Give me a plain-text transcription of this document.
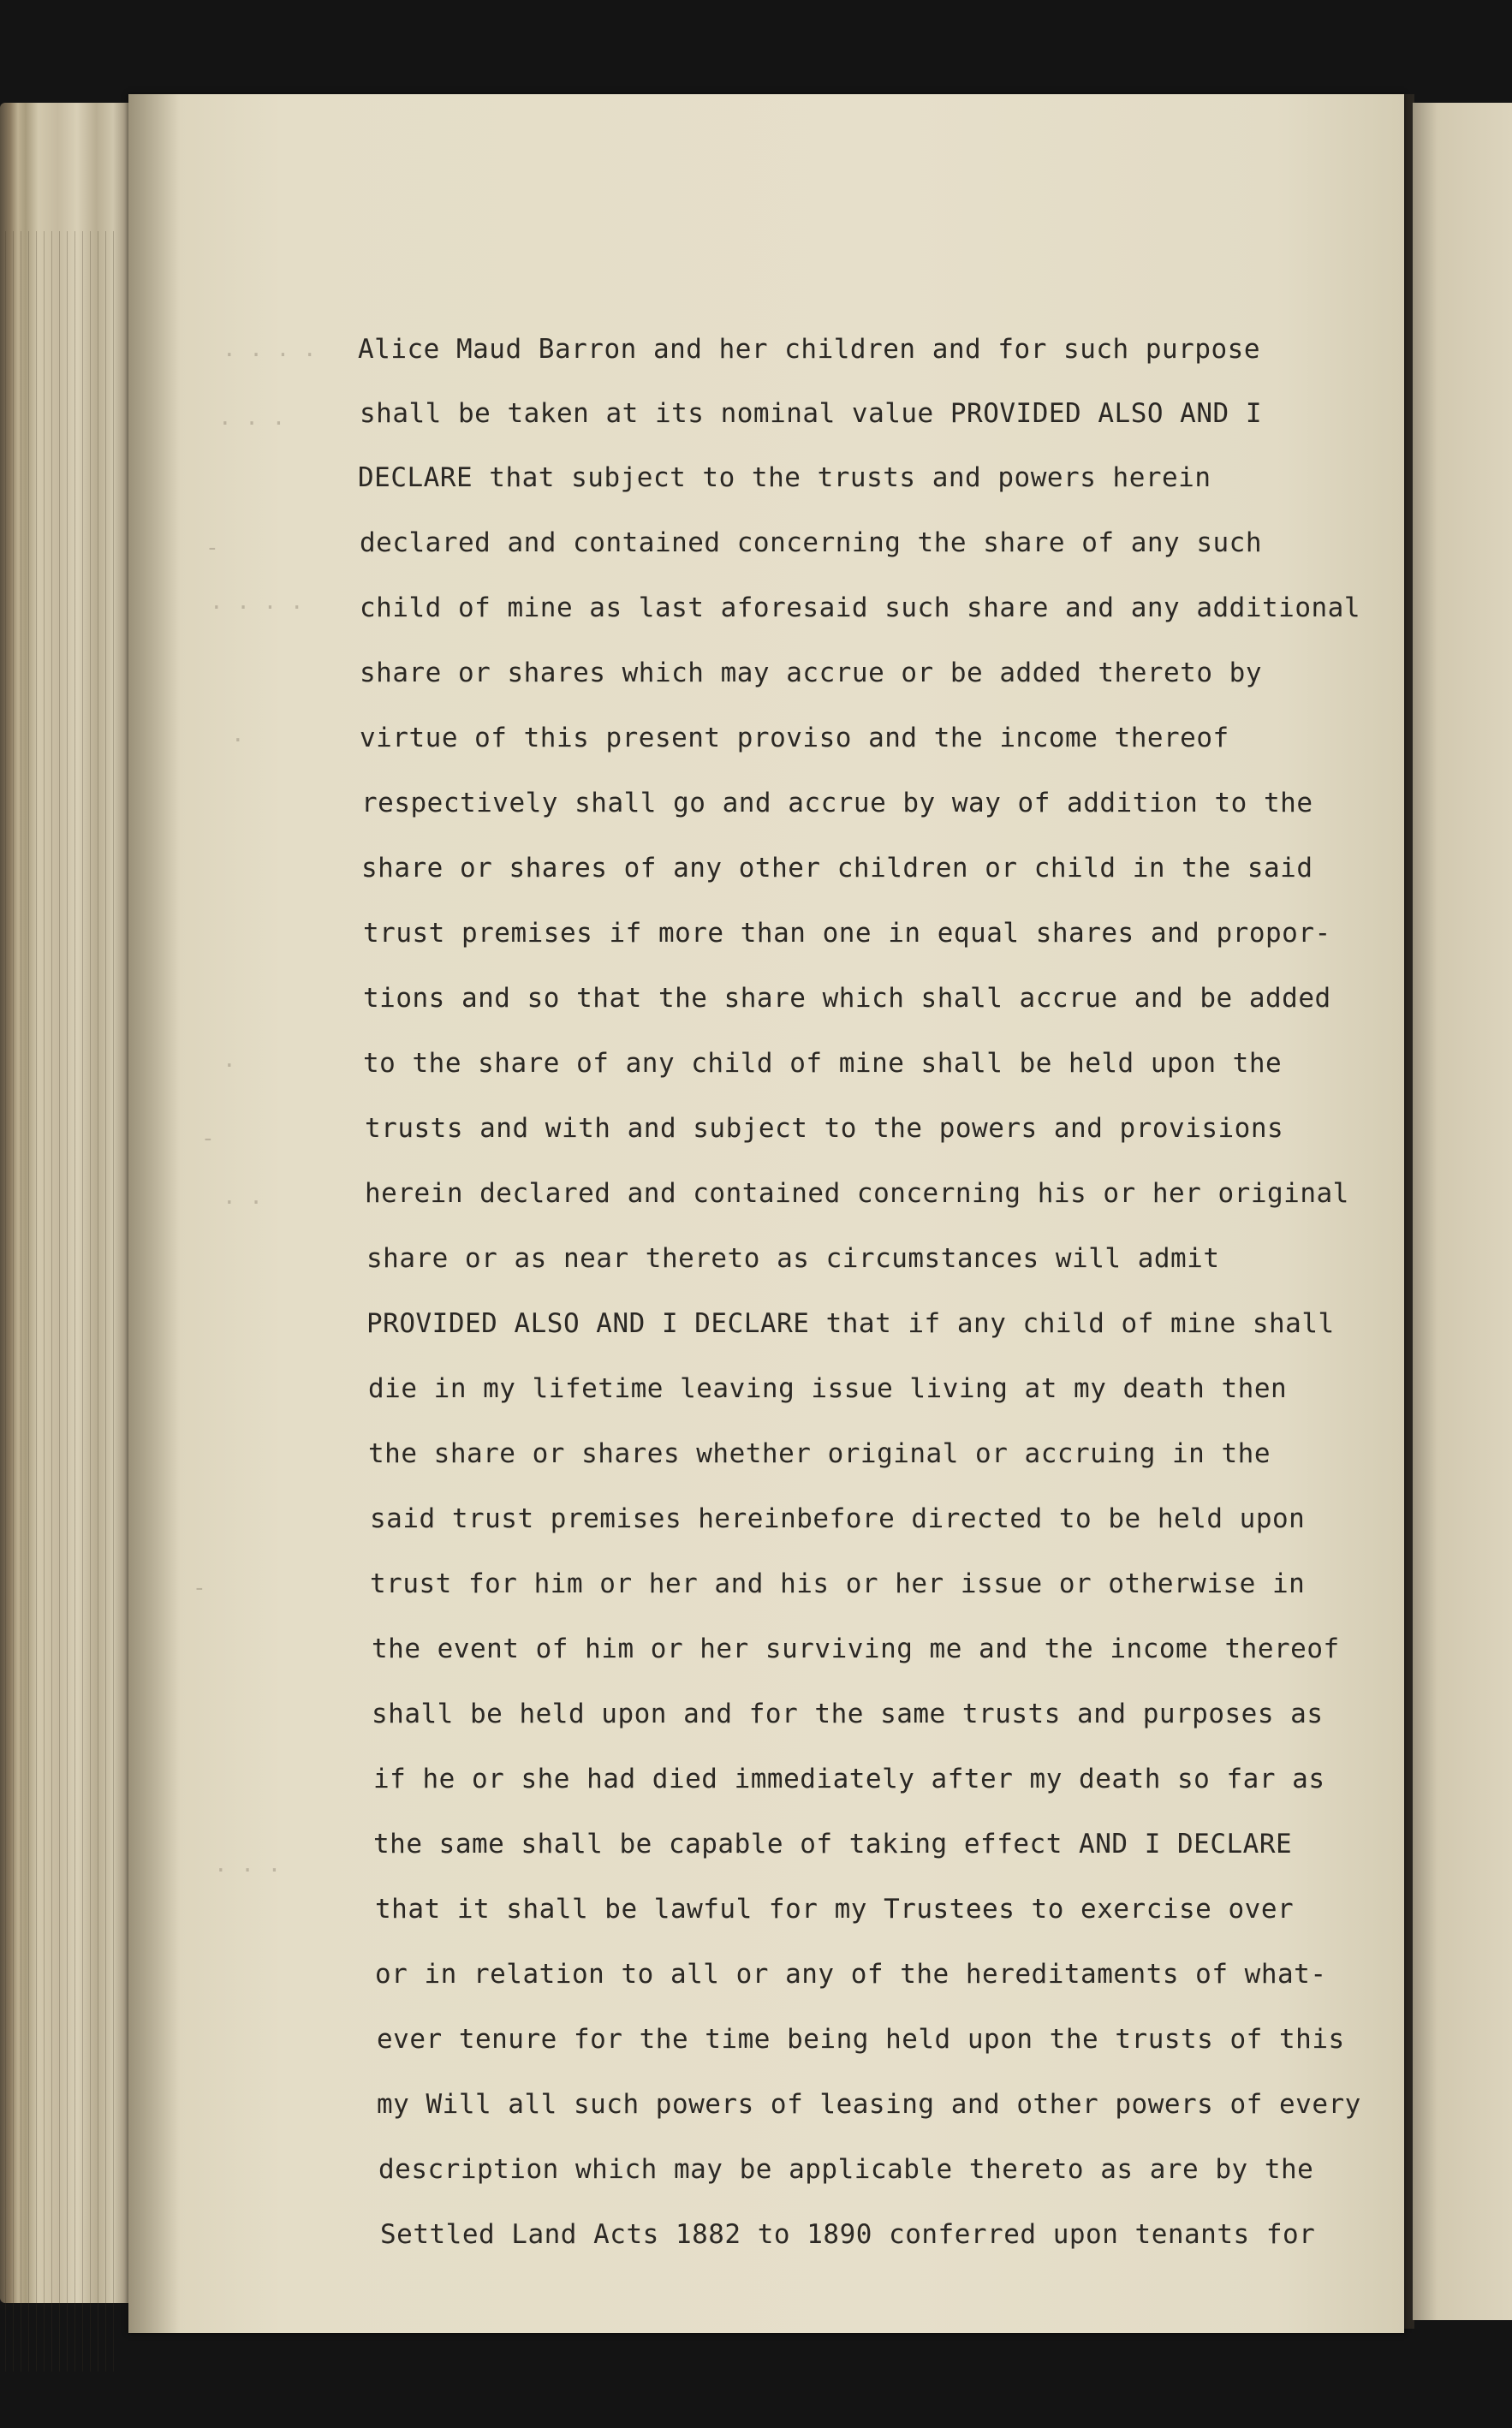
· · · ·
· · ·
-
· · · ·
·
·
-
· ·
-
· · ·
Alice Maud Barron and her children and for such purpose
shall be taken at its nominal value PROVIDED ALSO AND I
DECLARE that subject to the trusts and powers herein
declared and contained concerning the share of any such
child of mine as last aforesaid such share and any additional
share or shares which may accrue or be added thereto by
virtue of this present proviso and the income thereof
respectively shall go and accrue by way of addition to the
share or shares of any other children or child in the said
trust premises if more than one in equal shares and propor-
tions and so that the share which shall accrue and be added
to the share of any child of mine shall be held upon the
trusts and with and subject to the powers and provisions
herein declared and contained concerning his or her original
share or as near thereto as circumstances will admit
PROVIDED ALSO AND I DECLARE that if any child of mine shall
die in my lifetime leaving issue living at my death then
the share or shares whether original or accruing in the
said trust premises hereinbefore directed to be held upon
trust for him or her and his or her issue or otherwise in
the event of him or her surviving me and the income thereof
shall be held upon and for the same trusts and purposes as
if he or she had died immediately after my death so far as
the same shall be capable of taking effect AND I DECLARE
that it shall be lawful for my Trustees to exercise over
or in relation to all or any of the hereditaments of what-
ever tenure for the time being held upon the trusts of this
my Will all such powers of leasing and other powers of every
description which may be applicable thereto as are by the
Settled Land Acts 1882 to 1890 conferred upon tenants for
